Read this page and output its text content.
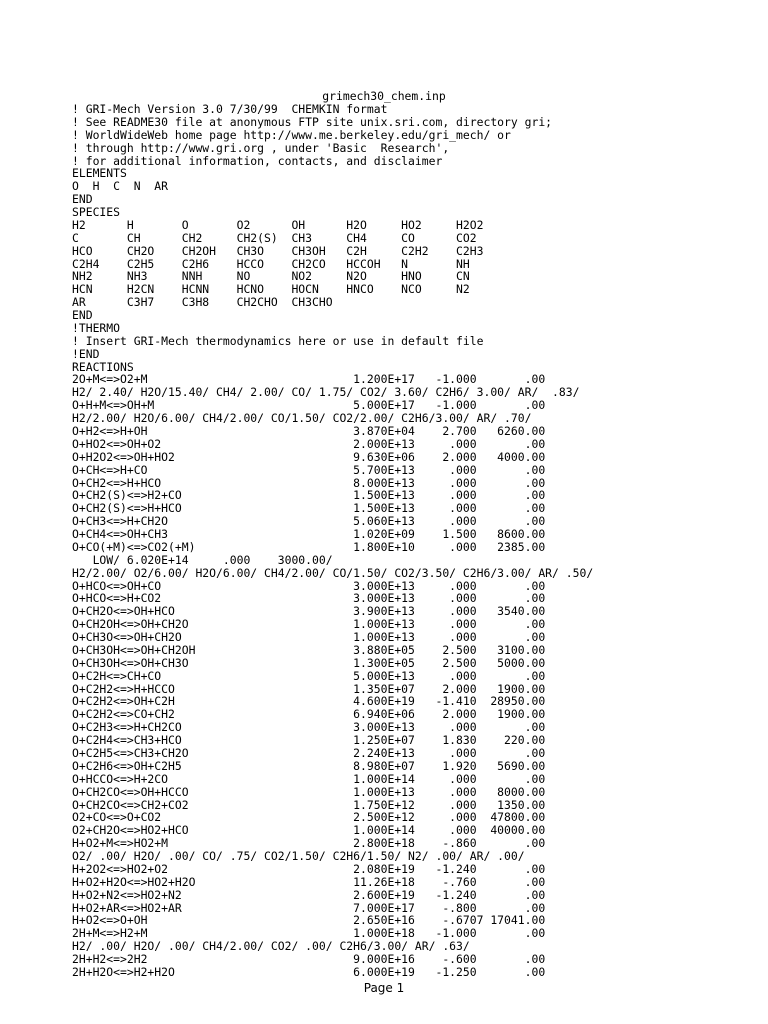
grimech30_chem.inp
! GRI-Mech Version 3.0 7/30/99  CHEMKIN format
! See README30 file at anonymous FTP site unix.sri.com, directory gri;
! WorldWideWeb home page http://www.me.berkeley.edu/gri_mech/ or
! through http://www.gri.org , under 'Basic  Research',
! for additional information, contacts, and disclaimer
ELEMENTS
O  H  C  N  AR
END
SPECIES
H2      H       O       O2      OH      H2O     HO2     H2O2
C       CH      CH2     CH2(S)  CH3     CH4     CO      CO2
HCO     CH2O    CH2OH   CH3O    CH3OH   C2H     C2H2    C2H3
C2H4    C2H5    C2H6    HCCO    CH2CO   HCCOH   N       NH
NH2     NH3     NNH     NO      NO2     N2O     HNO     CN
HCN     H2CN    HCNN    HCNO    HOCN    HNCO    NCO     N2
AR      C3H7    C3H8    CH2CHO  CH3CHO
END
!THERMO
! Insert GRI-Mech thermodynamics here or use in default file
!END
REACTIONS
2O+M<=>O2+M                              1.200E+17   -1.000       .00
H2/ 2.40/ H2O/15.40/ CH4/ 2.00/ CO/ 1.75/ CO2/ 3.60/ C2H6/ 3.00/ AR/  .83/
O+H+M<=>OH+M                             5.000E+17   -1.000       .00
H2/2.00/ H2O/6.00/ CH4/2.00/ CO/1.50/ CO2/2.00/ C2H6/3.00/ AR/ .70/
O+H2<=>H+OH                              3.870E+04    2.700   6260.00
O+HO2<=>OH+O2                            2.000E+13     .000       .00
O+H2O2<=>OH+HO2                          9.630E+06    2.000   4000.00
O+CH<=>H+CO                              5.700E+13     .000       .00
O+CH2<=>H+HCO                            8.000E+13     .000       .00
O+CH2(S)<=>H2+CO                         1.500E+13     .000       .00
O+CH2(S)<=>H+HCO                         1.500E+13     .000       .00
O+CH3<=>H+CH2O                           5.060E+13     .000       .00
O+CH4<=>OH+CH3                           1.020E+09    1.500   8600.00
O+CO(+M)<=>CO2(+M)                       1.800E+10     .000   2385.00
LOW/ 6.020E+14     .000    3000.00/
H2/2.00/ O2/6.00/ H2O/6.00/ CH4/2.00/ CO/1.50/ CO2/3.50/ C2H6/3.00/ AR/ .50/
O+HCO<=>OH+CO                            3.000E+13     .000       .00
O+HCO<=>H+CO2                            3.000E+13     .000       .00
O+CH2O<=>OH+HCO                          3.900E+13     .000   3540.00
O+CH2OH<=>OH+CH2O                        1.000E+13     .000       .00
O+CH3O<=>OH+CH2O                         1.000E+13     .000       .00
O+CH3OH<=>OH+CH2OH                       3.880E+05    2.500   3100.00
O+CH3OH<=>OH+CH3O                        1.300E+05    2.500   5000.00
O+C2H<=>CH+CO                            5.000E+13     .000       .00
O+C2H2<=>H+HCCO                          1.350E+07    2.000   1900.00
O+C2H2<=>OH+C2H                          4.600E+19   -1.410  28950.00
O+C2H2<=>CO+CH2                          6.940E+06    2.000   1900.00
O+C2H3<=>H+CH2CO                         3.000E+13     .000       .00
O+C2H4<=>CH3+HCO                         1.250E+07    1.830    220.00
O+C2H5<=>CH3+CH2O                        2.240E+13     .000       .00
O+C2H6<=>OH+C2H5                         8.980E+07    1.920   5690.00
O+HCCO<=>H+2CO                           1.000E+14     .000       .00
O+CH2CO<=>OH+HCCO                        1.000E+13     .000   8000.00
O+CH2CO<=>CH2+CO2                        1.750E+12     .000   1350.00
O2+CO<=>O+CO2                            2.500E+12     .000  47800.00
O2+CH2O<=>HO2+HCO                        1.000E+14     .000  40000.00
H+O2+M<=>HO2+M                           2.800E+18    -.860       .00
O2/ .00/ H2O/ .00/ CO/ .75/ CO2/1.50/ C2H6/1.50/ N2/ .00/ AR/ .00/
H+2O2<=>HO2+O2                           2.080E+19   -1.240       .00
H+O2+H2O<=>HO2+H2O                       11.26E+18    -.760       .00
H+O2+N2<=>HO2+N2                         2.600E+19   -1.240       .00
H+O2+AR<=>HO2+AR                         7.000E+17    -.800       .00
H+O2<=>O+OH                              2.650E+16    -.6707 17041.00
2H+M<=>H2+M                              1.000E+18   -1.000       .00
H2/ .00/ H2O/ .00/ CH4/2.00/ CO2/ .00/ C2H6/3.00/ AR/ .63/
2H+H2<=>2H2                              9.000E+16    -.600       .00
2H+H2O<=>H2+H2O                          6.000E+19   -1.250       .00
Page 1
